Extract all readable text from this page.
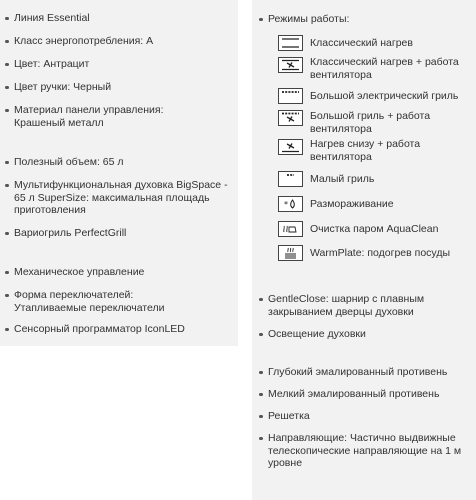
Линия Essential
Класс энергопотребления: A
Цвет: Антрацит
Цвет ручки: Черный
Материал панели управления: Крашеный металл
Полезный объем: 65 л
Мультифункциональная духовка BigSpace - 65 л SuperSize: максимальная площадь приготовления
Вариогриль PerfectGrill
Механическое управление
Форма переключателей: Утапливаемые переключатели
Сенсорный программатор IconLED
Режимы работы:
Классический нагрев
Классический нагрев + работа вентилятора
Большой электрический гриль
Большой гриль + работа вентилятора
Нагрев снизу + работа вентилятора
Малый гриль
* Размораживание
Очистка паром AquaClean
WarmPlate: подогрев посуды
GentleClose: шарнир с плавным закрыванием дверцы духовки
Освещение духовки
Глубокий эмалированный противень
Мелкий эмалированный противень
Решетка
Направляющие: Частично выдвижные телескопические направляющие на 1 м уровне
